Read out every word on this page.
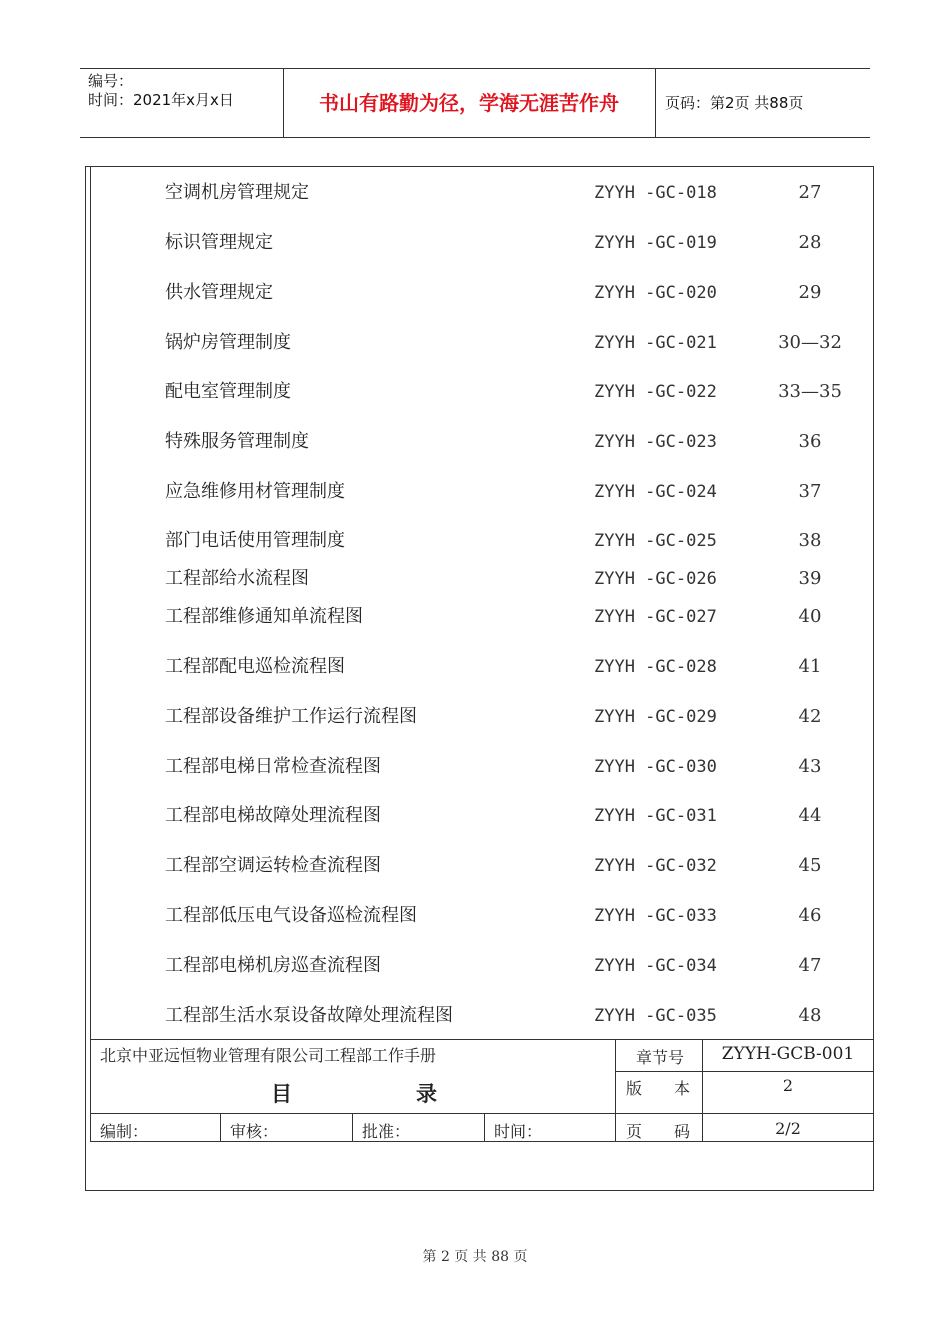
编号：
时间：2021年x月x日	书山有路勤为径，学海无涯苦作舟	页码：第2页 共88页
空调机房管理规定	ZYYH -GC-018	27
标识管理规定	ZYYH -GC-019	28
供水管理规定	ZYYH -GC-020	29
锅炉房管理制度	ZYYH -GC-021	30—32
配电室管理制度	ZYYH -GC-022	33—35
特殊服务管理制度	ZYYH -GC-023	36
应急维修用材管理制度	ZYYH -GC-024	37
部门电话使用管理制度	ZYYH -GC-025	38
工程部给水流程图	ZYYH -GC-026	39
工程部维修通知单流程图	ZYYH -GC-027	40
工程部配电巡检流程图	ZYYH -GC-028	41
工程部设备维护工作运行流程图	ZYYH -GC-029	42
工程部电梯日常检查流程图	ZYYH -GC-030	43
工程部电梯故障处理流程图	ZYYH -GC-031	44
工程部空调运转检查流程图	ZYYH -GC-032	45
工程部低压电气设备巡检流程图	ZYYH -GC-033	46
工程部电梯机房巡查流程图	ZYYH -GC-034	47
工程部生活水泵设备故障处理流程图	ZYYH -GC-035	48
北京中亚远恒物业管理有限公司工程部工作手册
目	录
章节号	ZYYH-GCB-001
版　　本	2
编制：	审核：	批准：	时间：	页　　码	2/2
第 2 页 共 88 页
